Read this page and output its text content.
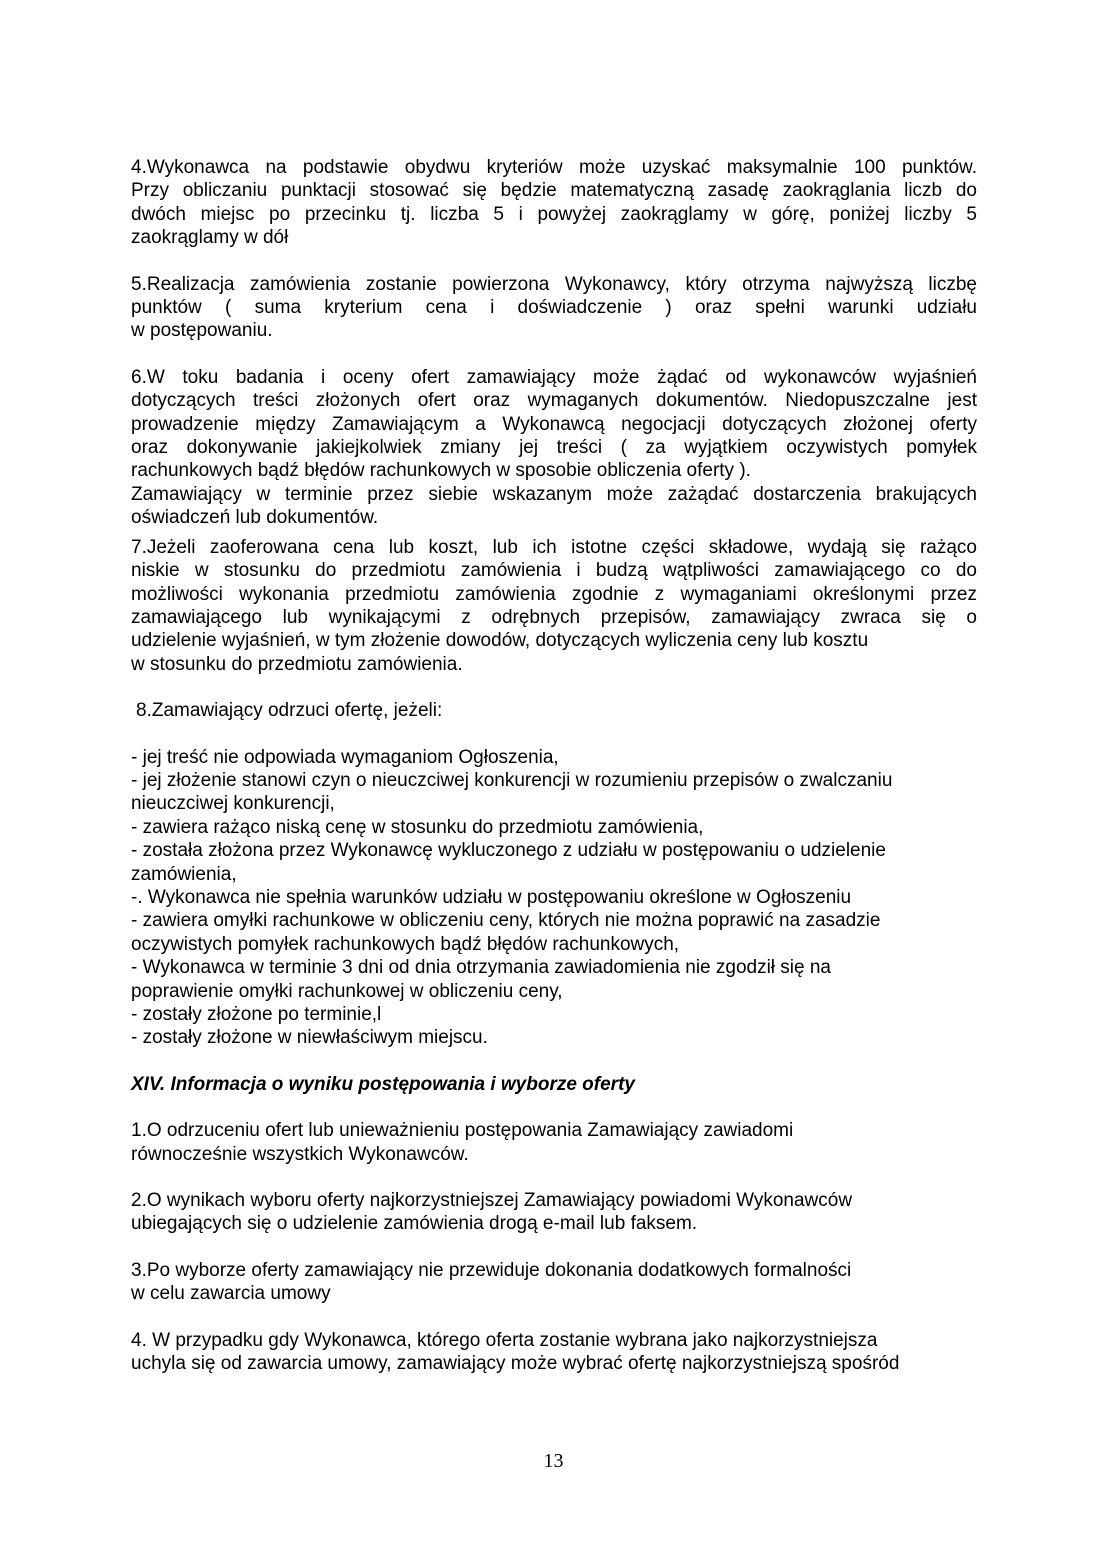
4.Wykonawca na podstawie obydwu kryteriów może uzyskać maksymalnie 100 punktów.
Przy obliczaniu punktacji stosować się będzie matematyczną zasadę zaokrąglania liczb do
dwóch miejsc po przecinku tj. liczba 5 i powyżej zaokrąglamy w górę, poniżej liczby 5
zaokrąglamy w dół
5.Realizacja zamówienia zostanie powierzona Wykonawcy, który otrzyma najwyższą liczbę
punktów ( suma kryterium cena i doświadczenie ) oraz spełni warunki udziału
w postępowaniu.
6.W toku badania i oceny ofert zamawiający może żądać od wykonawców wyjaśnień
dotyczących treści złożonych ofert oraz wymaganych dokumentów. Niedopuszczalne jest
prowadzenie między Zamawiającym a Wykonawcą negocjacji dotyczących złożonej oferty
oraz dokonywanie jakiejkolwiek zmiany jej treści ( za wyjątkiem oczywistych pomyłek
rachunkowych bądź błędów rachunkowych w sposobie obliczenia oferty ).
Zamawiający w terminie przez siebie wskazanym może zażądać dostarczenia brakujących
oświadczeń lub dokumentów.
7.Jeżeli zaoferowana cena lub koszt, lub ich istotne części składowe, wydają się rażąco
niskie w stosunku do przedmiotu zamówienia i budzą wątpliwości zamawiającego co do
możliwości wykonania przedmiotu zamówienia zgodnie z wymaganiami określonymi przez
zamawiającego lub wynikającymi z odrębnych przepisów, zamawiający zwraca się o
udzielenie wyjaśnień, w tym złożenie dowodów, dotyczących wyliczenia ceny lub kosztu
w stosunku do przedmiotu zamówienia.
8.Zamawiający odrzuci ofertę, jeżeli:
- jej treść nie odpowiada wymaganiom Ogłoszenia,
- jej złożenie stanowi czyn o nieuczciwej konkurencji w rozumieniu przepisów o zwalczaniu
nieuczciwej konkurencji,
- zawiera rażąco niską cenę w stosunku do przedmiotu zamówienia,
- została złożona przez Wykonawcę wykluczonego z udziału w postępowaniu o udzielenie
zamówienia,
-. Wykonawca nie spełnia warunków udziału w postępowaniu określone w Ogłoszeniu
- zawiera omyłki rachunkowe w obliczeniu ceny, których nie można poprawić na zasadzie
oczywistych pomyłek rachunkowych bądź błędów rachunkowych,
- Wykonawca w terminie 3 dni od dnia otrzymania zawiadomienia nie zgodził się na
poprawienie omyłki rachunkowej w obliczeniu ceny,
- zostały złożone po terminie,l
- zostały złożone w niewłaściwym miejscu.
XIV. Informacja o wyniku postępowania i wyborze oferty
1.O odrzuceniu ofert lub unieważnieniu postępowania Zamawiający zawiadomi
równocześnie wszystkich Wykonawców.
2.O wynikach wyboru oferty najkorzystniejszej Zamawiający powiadomi Wykonawców
ubiegających się o udzielenie zamówienia drogą e-mail lub faksem.
3.Po wyborze oferty zamawiający nie przewiduje dokonania dodatkowych formalności
w celu zawarcia umowy
4. W przypadku gdy Wykonawca, którego oferta zostanie wybrana jako najkorzystniejsza
uchyla się od zawarcia umowy, zamawiający może wybrać ofertę najkorzystniejszą spośród
13
